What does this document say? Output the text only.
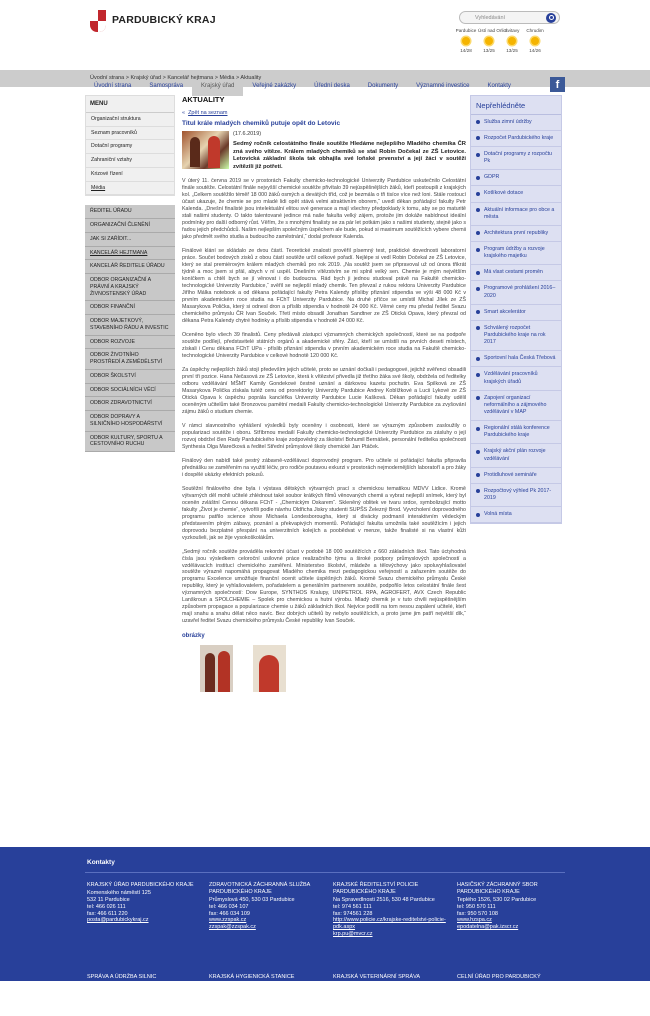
PARDUBICKÝ KRAJ	Vyhledávání
Pardubice
14/28
Ústí nad Orlicí
13/25
Svitavy
13/25
Chrudim
14/26
Úvodní strana	Samospráva	Krajský úřad	Veřejné zakázky	Úřední deska	Dokumenty	Významné investice	Kontakty	f
Úvodní strana > Krajský úřad > Kancelář hejtmana > Média > Aktuality
MENU
Organizační struktura
Seznam pracovníků
Dotační programy
Zahraniční vztahy
Krizové řízení
Média
ŘEDITEL ÚŘADU
ORGANIZAČNÍ ČLENĚNÍ
JAK SI ZAŘÍDIT...
KANCELÁŘ HEJTMANA
KANCELÁŘ ŘEDITELE ÚŘADU
ODBOR ORGANIZAČNÍ A PRÁVNÍ A KRAJSKÝ ŽIVNOSTENSKÝ ÚŘAD
ODBOR FINANČNÍ
ODBOR MAJETKOVÝ, STAVEBNÍHO ŘÁDU A INVESTIC
ODBOR ROZVOJE
ODBOR ŽIVOTNÍHO PROSTŘEDÍ A ZEMĚDĚLSTVÍ
ODBOR ŠKOLSTVÍ
ODBOR SOCIÁLNÍCH VĚCÍ
ODBOR ZDRAVOTNICTVÍ
ODBOR DOPRAVY A SILNIČNÍHO HOSPODÁŘSTVÍ
ODBOR KULTURY, SPORTU A CESTOVNÍHO RUCHU
AKTUALITY
« Zpět na seznam
Titul krále mladých chemiků putuje opět do Letovic
(17.6.2019)
Sedmý ročník celostátního finále soutěže Hledáme nejlepšího Mladého chemika ČR zná svého vítěze. Králem mladých chemiků se stal Robin Dočekal ze ZŠ Letovice. Letovická základní škola tak obhajila své loňské prvenství a její žáci v soutěži zvítězili již potřetí.
V úterý 11. června 2019 se v prostorách Fakulty chemicko-technologické Univerzity Pardubice uskutečnilo Celostátní finále soutěže. Celostátní finále nejvyšší chemické soutěže přivítalo 39 nejúspěšnějších žáků, kteří postoupili z krajských kol. „Celkem soutěžilo téměř 18 000 žáků osmých a devátých tříd, což je bezmála o tři tisíce více než loni. Stále rostoucí účast ukazuje, že chemie se pro mladé lidi opět stává velmi atraktivním oborem,“ uvedl děkan pořádající fakulty Petr Kalenda. „Dnešní finalisté jsou intelektuální elitou své generace a mají všechny předpoklady k tomu, aby se po maturitě stali našimi studenty. O takto talentované jedince má naše fakulta velký zájem, protože jim dokáže nabídnout ideální podmínky pro další odborný růst. Věřím, že s mnohými finalisty se za pár let potkám jako s našimi studenty, stejně jako s řadou jejich předchůdců. Našim nejlepším společným úspěchem ale bude, pokud si maximum soutěžících vybere chemii jako předmět svého studia a budoucího zaměstnání,“ dodal profesor Kalenda.
Finálové klání se skládalo ze dvou částí. Teoretické znalosti prověřil písemný test, praktické dovednosti laboratorní práce. Součet bodových zisků z obou částí soutěže určil celkové pořadí. Nejlépe si vedl Robin Dočekal ze ZŠ Letovice, který se stal premiérovým králem mladých chemiků pro rok 2019. „Na soutěž jsem se připravoval už od února třikrát týdně a moc jsem si přál, abych v ní uspěl. Dnešním vítězstvím se mi splnil velký sen. Chemie je mým největším koníčkem a chtěl bych se jí věnovat i do budoucna. Rád bych ji jednou studoval právě na Fakultě chemicko-technologické Univerzity Pardubice,“ svěřil se nejlepší mladý chemik. Ten převzal z rukou rektora Univerzity Pardubice Jiřího Málka notebook a od děkana pořádající fakulty Petra Kalendy přísliby přiznání stipendia ve výši 48 000 Kč v prvním akademickém roce studia na FChT Univerzity Pardubice. Na druhé příčce se umístil Michal Jílek ze ZŠ Masarykova Polička, který si odnesl dron a příslib stipendia v hodnotě 24 000 Kč. Věrné ceny mu předal ředitel Svazu chemického průmyslu ČR Ivan Souček. Třetí místo obsadil Jonathan Sandtner ze ZŠ Otická Opava, který převzal od děkana Petra Kalendy chytré hodinky a příslib stipendia v hodnotě 24 000 Kč.
Oceněno bylo všech 39 finalistů. Ceny předávali zástupci významných chemických společností, které se na podpoře soutěže podílejí, představitelé státních orgánů a akademické sféry. Žáci, kteří se umístili na prvních deseti místech, získali i Cenu děkana FChT UPa - příslib přiznání stipendia v prvním akademickém roce studia na Fakultě chemicko-technologické Univerzity Pardubice v celkové hodnotě 120 000 Kč.
Za úspěchy nejlepších žáků stojí především jejich učitelé, proto se uznání dočkali i pedagogové, jejichž svěřenci obsadili první tři pozice. Hana Nečasová ze ZŠ Letovice, která k vítězství přivedla již třetího žáka své školy, obdržela od ředitelky odboru vzdělávání MŠMT Kamily Gondekové čestné uznání a dárkovou kazetu pochutin. Eva Spilková ze ZŠ Masarykova Polička získala tutéž cenu od prorektorky Univerzity Pardubice Andrey Koblížkové a Lucii Lykové ze ZŠ Otická Opava k úspěchu poprála kancléřka Univerzity Pardubice Lucie Kašková. Děkan pořádající fakulty udělil oceněným učitelům také Bronzovou pamětní medaili Fakulty chemicko-technologické Univerzity Pardubice za zvyšování zájmu žáků o studium chemie.
V rámci slavnostního vyhlášení výsledků byly oceněny i osobnosti, které se výrazným způsobem zasloužily o popularizaci soutěže i oboru. Stříbrnou medailí Fakulty chemicko-technologické Univerzity Pardubice za zásluhy o její rozvoj obdržel člen Rady Pardubického kraje zodpovědný za školství Bohumil Bernášek, personální ředitelka společnosti Synthesia Olga Marečková a ředitel Střední průmyslové školy chemické Jan Ptáček.
Finálový den nabídl také pestrý zábavně-vzdělávací doprovodný program. Pro učitele si pořádající fakulta připravila přednášku se zaměřením na využití léčiv, pro rodiče poutavou exkurzi v prostorách nejmodernějších laboratoří a pro žáky i dospělé ukázky efektních pokusů.
Soutěžní finálového dne byla i výstava dětských výtvarných prací s chemickou tematikou MDVV Lidice. Kromě výtvarných děl mohli učitelé zhlédnout také soubor krátkých filmů věnovaných chemii a vybrat nejlepší snímek, který byl oceněn zvláštní Cenou děkana FChT - „Chemickým Oskarem“. Skleněný oblitek ve tvaru srdce, symbolizující motto fakulty „Život je chemie“, vytvořili podle návrhu Oldřicha Jiskry studenti SUPŠS Železný Brod. Vyvrcholení doprovodného programu patřilo science show Michaela Londesborougha, který si divácky podmanil interaktivním vědeckým představením plným zábavy, poznání a překvapivých momentů. Pořádající fakulta umožnila také soutěžícím i jejich doprovodu bezplatné přespání na univerzitních kolejích a poobědvat v menze, takže finalisté si na vlastní kůži vyzkoušeli, jak se žije vysokoškolákům.
„Sedmý ročník soutěže prováděla rekordní účast v podobě 18 000 soutěžících z 660 základních škol. Tato úctyhodná čísla jsou výsledkem celoroční usilovné práce realizačního týmu a široké podpory průmyslových společností a vzdělávacích institucí chemického zaměření. Ministerstvo školství, mládeže a tělovýchovy jako spoluvyhlašovatel soutěže výrazně napomáhá propagovat Mladého chemika mezi pedagogickou veřejností a zařazením soutěže do programu Excelence umožňuje finanční ocenit učitele úspěšných žáků. Kromě Svazu chemického průmyslu České republiky, který je vyhlašovatelem, pořadatelem a generálním partnerem soutěže, podpořilo letos celostátní finále šest významných společností: Dow Europe, SYNTHOS Kralupy, UNIPETROL RPA, AGROFERT, AVX Czech Republic Lanškroun a SPOLCHEMIE – Spolek pro chemickou a hutní výrobu. Mladý chemik je v tuto chvíli nejúspěšnějším způsobem propagace a popularizace chemie u žáků základních škol. Nejvíce podílí na tom nesou zapálení učitelé, kteří mají snahu a snahu dělat něco navíc. Bez dobrých učitelů by nebylo soutěžících, a proto jsme jim patří největší dík,“ uzavřel ředitel Svazu chemického průmyslu České republiky Ivan Souček.
obrázky
Nepřehlédněte
Služba zimní údržby
Rozpočet Pardubického kraje
Dotační programy z rozpočtu Pk
GDPR
Kotlíkové dotace
Aktuální informace pro obce a města
Architektura první republiky
Program údržby a rozvoje krajského majetku
Má vlast cestami proměn
Programové prohlášení 2016–2020
Smart akcelerátor
Schválený rozpočet Pardubického kraje na rok 2017
Sportovní hala Česká Třebová
Vzdělávání pracovníků krajských úřadů
Zapojení organizací neformálního a zájmového vzdělávání v MAP
Regionální stálá konference Pardubického kraje
Krajský akční plán rozvoje vzdělávání
Protidluhové semináře
Rozpočtový výhled Pk 2017-2019
Volná místa
Kontakty
KRAJSKÝ ÚŘAD PARDUBICKÉHO KRAJE
Komenského náměstí 125
532 11 Pardubice
tel: 466 026 111
fax: 466 611 220
posta@pardubickykraj.cz
ZDRAVOTNICKÁ ZÁCHRANNÁ SLUŽBA PARDUBICKÉHO KRAJE
Průmyslová 450, 530 03 Pardubice
tel: 466 034 107
fax: 466 034 109
www.zzspak.cz
zzspak@zzspak.cz
KRAJSKÉ ŘEDITELSTVÍ POLICIE PARDUBICKÉHO KRAJE
Na Spravedlnosti 2516, 530 48 Pardubice
tel: 974 561 111
fax: 974561 228
http://www.policie.cz/krajske-reditelstvi-policie-pdk.aspx
krp.pu@mvcr.cz
HASIČSKÝ ZÁCHRANNÝ SBOR PARDUBICKÉHO KRAJE
Teplého 1526, 530 02 Pardubice
tel: 950 570 111
fax: 950 570 108
www.hzspa.cz
epodatelna@pak.izscr.cz
SPRÁVA A ÚDRŽBA SILNIC	KRAJSKÁ HYGIENICKÁ STANICE	KRAJSKÁ VETERINÁRNÍ SPRÁVA	CELNÍ ÚŘAD PRO PARDUBICKÝ
